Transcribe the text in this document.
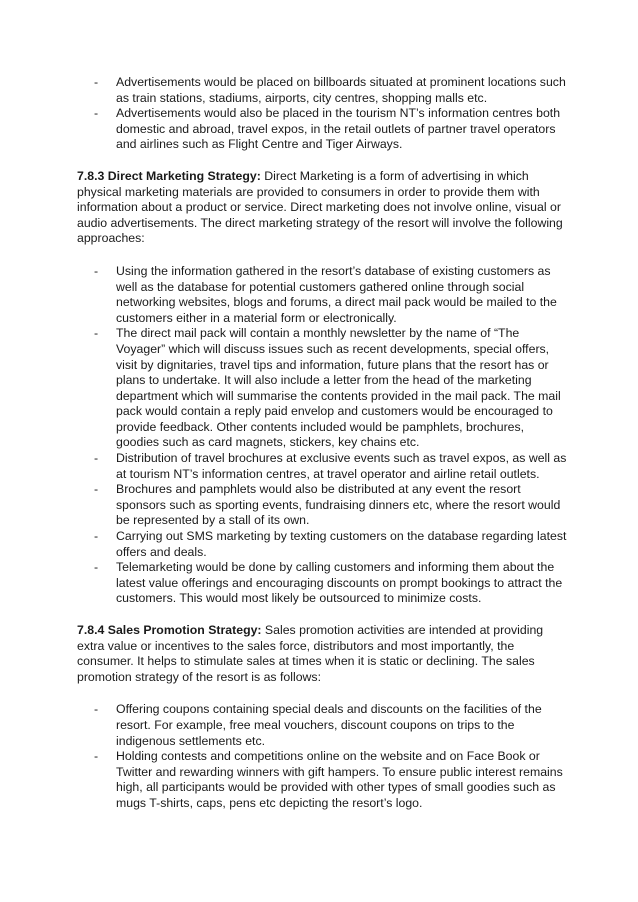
- Advertisements would be placed on billboards situated at prominent locations such as train stations, stadiums, airports, city centres, shopping malls etc.
- Advertisements would also be placed in the tourism NT’s information centres both domestic and abroad, travel expos, in the retail outlets of partner travel operators and airlines such as Flight Centre and Tiger Airways.

7.8.3 Direct Marketing Strategy: Direct Marketing is a form of advertising in which physical marketing materials are provided to consumers in order to provide them with information about a product or service. Direct marketing does not involve online, visual or audio advertisements. The direct marketing strategy of the resort will involve the following approaches:

- Using the information gathered in the resort’s database of existing customers as well as the database for potential customers gathered online through social networking websites, blogs and forums, a direct mail pack would be mailed to the customers either in a material form or electronically.
- The direct mail pack will contain a monthly newsletter by the name of “The Voyager” which will discuss issues such as recent developments, special offers, visit by dignitaries, travel tips and information, future plans that the resort has or plans to undertake. It will also include a letter from the head of the marketing department which will summarise the contents provided in the mail pack. The mail pack would contain a reply paid envelop and customers would be encouraged to provide feedback. Other contents included would be pamphlets, brochures, goodies such as card magnets, stickers, key chains etc.
- Distribution of travel brochures at exclusive events such as travel expos, as well as at tourism NT’s information centres, at travel operator and airline retail outlets.
- Brochures and pamphlets would also be distributed at any event the resort sponsors such as sporting events, fundraising dinners etc, where the resort would be represented by a stall of its own.
- Carrying out SMS marketing by texting customers on the database regarding latest offers and deals.
- Telemarketing would be done by calling customers and informing them about the latest value offerings and encouraging discounts on prompt bookings to attract the customers. This would most likely be outsourced to minimize costs.

7.8.4 Sales Promotion Strategy: Sales promotion activities are intended at providing extra value or incentives to the sales force, distributors and most importantly, the consumer. It helps to stimulate sales at times when it is static or declining. The sales promotion strategy of the resort is as follows:

- Offering coupons containing special deals and discounts on the facilities of the resort. For example, free meal vouchers, discount coupons on trips to the indigenous settlements etc.
- Holding contests and competitions online on the website and on Face Book or Twitter and rewarding winners with gift hampers. To ensure public interest remains high, all participants would be provided with other types of small goodies such as mugs T-shirts, caps, pens etc depicting the resort’s logo.
